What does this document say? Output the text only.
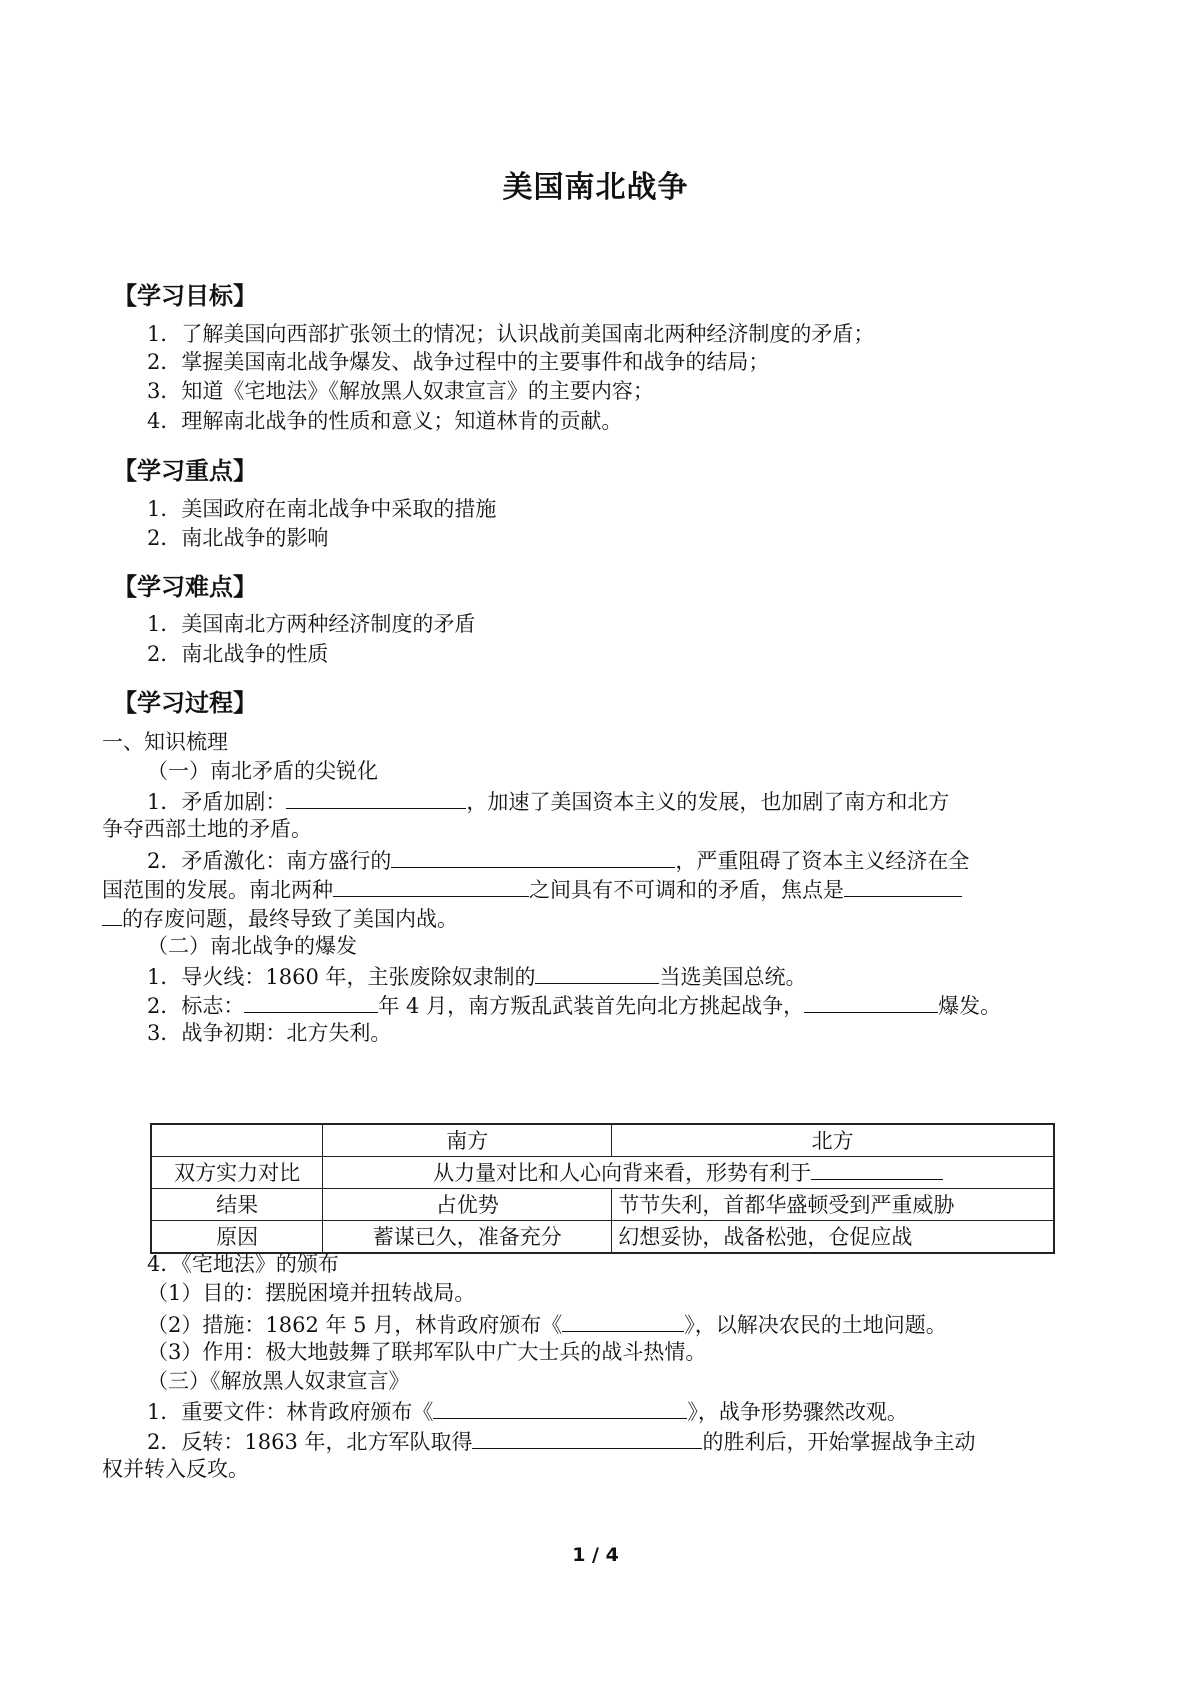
美国南北战争
【学习目标】
1．了解美国向西部扩张领土的情况；认识战前美国南北两种经济制度的矛盾；
2．掌握美国南北战争爆发、战争过程中的主要事件和战争的结局；
3．知道《宅地法》《解放黑人奴隶宣言》的主要内容；
4．理解南北战争的性质和意义；知道林肯的贡献。
【学习重点】
1．美国政府在南北战争中采取的措施
2．南北战争的影响
【学习难点】
1．美国南北方两种经济制度的矛盾
2．南北战争的性质
【学习过程】
一、知识梳理
（一）南北矛盾的尖锐化
1．矛盾加剧：	，加速了美国资本主义的发展，也加剧了南方和北方
争夺西部土地的矛盾。
2．矛盾激化：南方盛行的	，严重阻碍了资本主义经济在全
国范围的发展。南北两种	之间具有不可调和的矛盾，焦点是
的存废问题，最终导致了美国内战。
（二）南北战争的爆发
1．导火线：1860 年，主张废除奴隶制的	当选美国总统。
2．标志：	年 4 月，南方叛乱武装首先向北方挑起战争，	爆发。
3．战争初期：北方失利。
	南方	北方
双方实力对比	从力量对比和人心向背来看，形势有利于	
结果	占优势	节节失利，首都华盛顿受到严重威胁
原因	蓄谋已久，准备充分	幻想妥协，战备松弛，仓促应战
4．《宅地法》的颁布
（1）目的：摆脱困境并扭转战局。
（2）措施：1862 年 5 月，林肯政府颁布《	》，以解决农民的土地问题。
（3）作用：极大地鼓舞了联邦军队中广大士兵的战斗热情。
（三）《解放黑人奴隶宣言》
1．重要文件：林肯政府颁布《	》，战争形势骤然改观。
2．反转：1863 年，北方军队取得	的胜利后，开始掌握战争主动
权并转入反攻。
1 / 4
